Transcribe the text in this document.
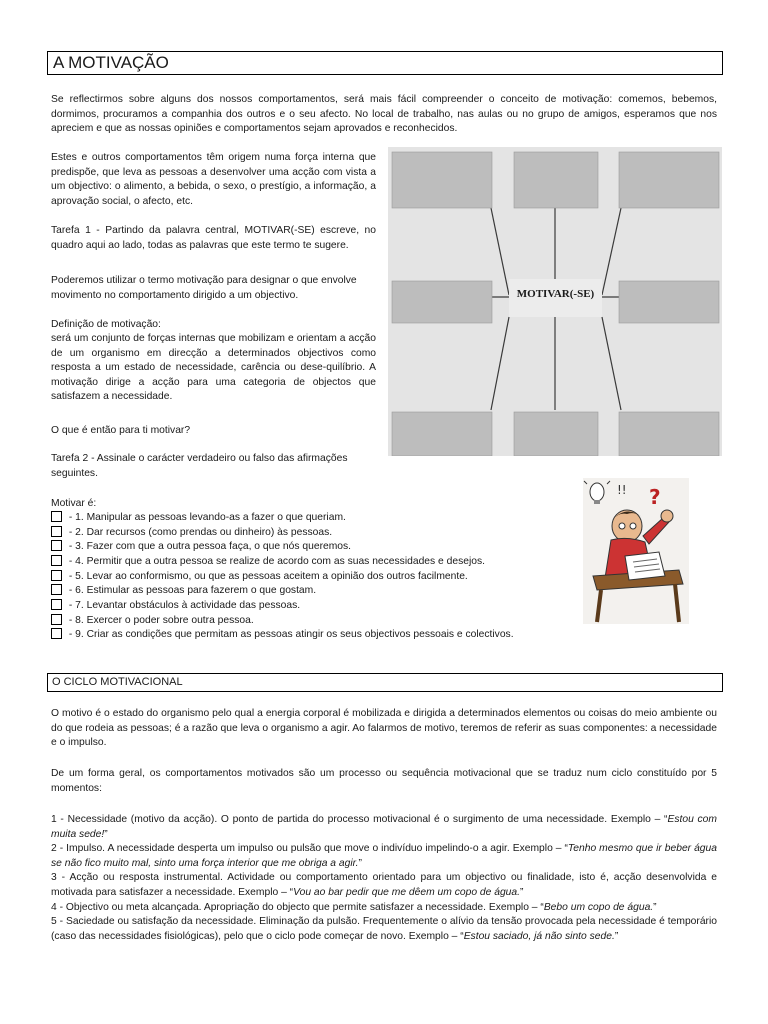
A MOTIVAÇÃO

Se reflectirmos sobre alguns dos nossos comportamentos, será mais fácil compreender o conceito de motivação: comemos, bebemos, dormimos, procuramos a companhia dos outros e o seu afecto. No local de trabalho, nas aulas ou no grupo de amigos, esperamos que nos apreciem e que as nossas opiniões e comportamentos sejam aprovados e reconhecidos.

Estes e outros comportamentos têm origem numa força interna que predispõe, que leva as pessoas a desenvolver uma acção com vista a um objectivo: o alimento, a bebida, o sexo, o prestígio, a informação, a aprovação social, o afecto, etc.

Tarefa 1 - Partindo da palavra central, MOTIVAR(-SE) escreve, no quadro aqui ao lado, todas as palavras que este termo te sugere.

Poderemos utilizar o termo motivação para designar o que envolve movimento no comportamento dirigido a um objectivo.

Definição de motivação:

será um conjunto de forças internas que mobilizam e orientam a acção de um organismo em direcção a determinados objectivos como resposta a um estado de necessidade, carência ou dese-quilíbrio. A motivação dirige a acção para uma categoria de objectos que satisfazem a necessidade.

O que é então para ti motivar?

Tarefa 2 - Assinale o carácter verdadeiro ou falso das afirmações seguintes.

Motivar é:

MOTIVAR(-SE)
?
!!
- 1. Manipular as pessoas levando-as a fazer o que queriam.
- 2. Dar recursos (como prendas ou dinheiro) às pessoas.
- 3. Fazer com que a outra pessoa faça, o que nós queremos.
- 4. Permitir que a outra pessoa se realize de acordo com as suas necessidades e desejos.
- 5. Levar ao conformismo, ou que as pessoas aceitem a opinião dos outros facilmente.
- 6. Estimular as pessoas para fazerem o que gostam.
- 7. Levantar obstáculos à actividade das pessoas.
- 8. Exercer o poder sobre outra pessoa.
- 9. Criar as condições que permitam as pessoas atingir os seus objectivos pessoais e colectivos.
O CICLO MOTIVACIONAL

O motivo é o estado do organismo pelo qual a energia corporal é mobilizada e dirigida a determinados elementos ou coisas do meio ambiente ou do que rodeia as pessoas; é a razão que leva o organismo a agir. Ao falarmos de motivo, teremos de referir as suas componentes: a necessidade e o impulso.

De um forma geral, os comportamentos motivados são um processo ou sequência motivacional que se traduz num ciclo constituído por 5 momentos:

1 - Necessidade (motivo da acção). O ponto de partida do processo motivacional é o surgimento de uma necessidade. Exemplo – “Estou com muita sede!”
2 - Impulso. A necessidade desperta um impulso ou pulsão que move o indivíduo impelindo-o a agir. Exemplo – “Tenho mesmo que ir beber água se não fico muito mal, sinto uma força interior que me obriga a agir.”
3 - Acção ou resposta instrumental. Actividade ou comportamento orientado para um objectivo ou finalidade, isto é, acção desenvolvida e motivada para satisfazer a necessidade. Exemplo – “Vou ao bar pedir que me dêem um copo de água.”
4 - Objectivo ou meta alcançada. Apropriação do objecto que permite satisfazer a necessidade. Exemplo – “Bebo um copo de água.”
5 - Saciedade ou satisfação da necessidade. Eliminação da pulsão. Frequentemente o alívio da tensão provocada pela necessidade é temporário (caso das necessidades fisiológicas), pelo que o ciclo pode começar de novo. Exemplo – “Estou saciado, já não sinto sede.”
